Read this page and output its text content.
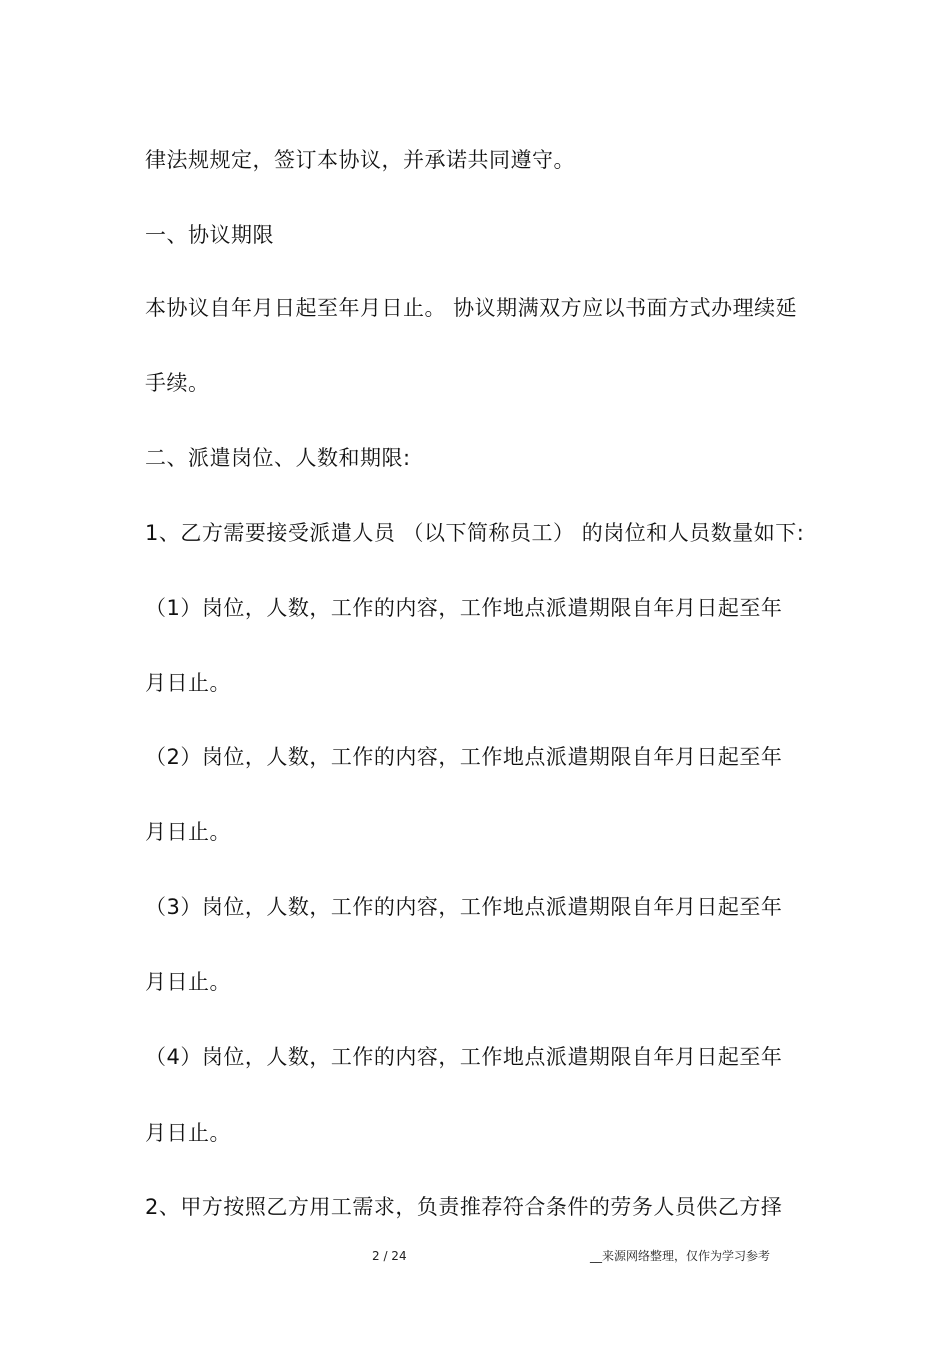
律法规规定，签订本协议，并承诺共同遵守。
一、协议期限
本协议自年月日起至年月日止。 协议期满双方应以书面方式办理续延
手续。
二、派遣岗位、人数和期限:
1、乙方需要接受派遣人员 （以下简称员工） 的岗位和人员数量如下:
（1）岗位，人数，工作的内容，工作地点派遣期限自年月日起至年
月日止。
（2）岗位，人数，工作的内容，工作地点派遣期限自年月日起至年
月日止。
（3）岗位，人数，工作的内容，工作地点派遣期限自年月日起至年
月日止。
（4）岗位，人数，工作的内容，工作地点派遣期限自年月日起至年
月日止。
2、甲方按照乙方用工需求，负责推荐符合条件的劳务人员供乙方择
2 / 24	__来源网络整理，仅作为学习参考
